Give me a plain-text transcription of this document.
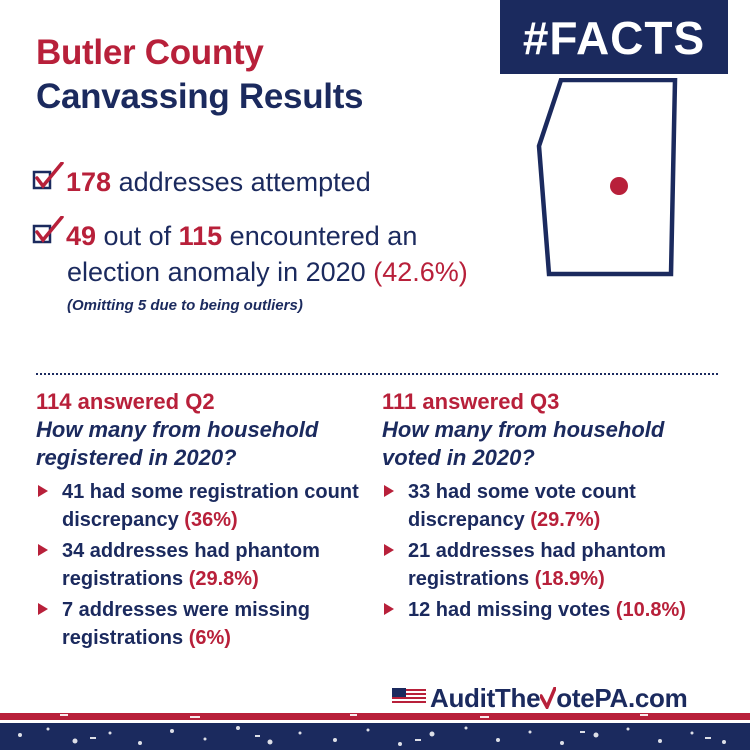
Butler County
Canvassing Results
#FACTS
178 addresses attempted
49 out of 115 encountered an
election anomaly in 2020 (42.6%)
(Omitting 5 due to being outliers)
114 answered Q2
How many from household
registered in 2020?
41 had some registration count
discrepancy (36%)
34 addresses had phantom
registrations (29.8%)
7 addresses were missing
registrations (6%)
111 answered Q3
How many from household
voted in 2020?
33 had some vote count
discrepancy (29.7%)
21 addresses had phantom
registrations (18.9%)
12 had missing votes (10.8%)
AuditThe otePA.com
